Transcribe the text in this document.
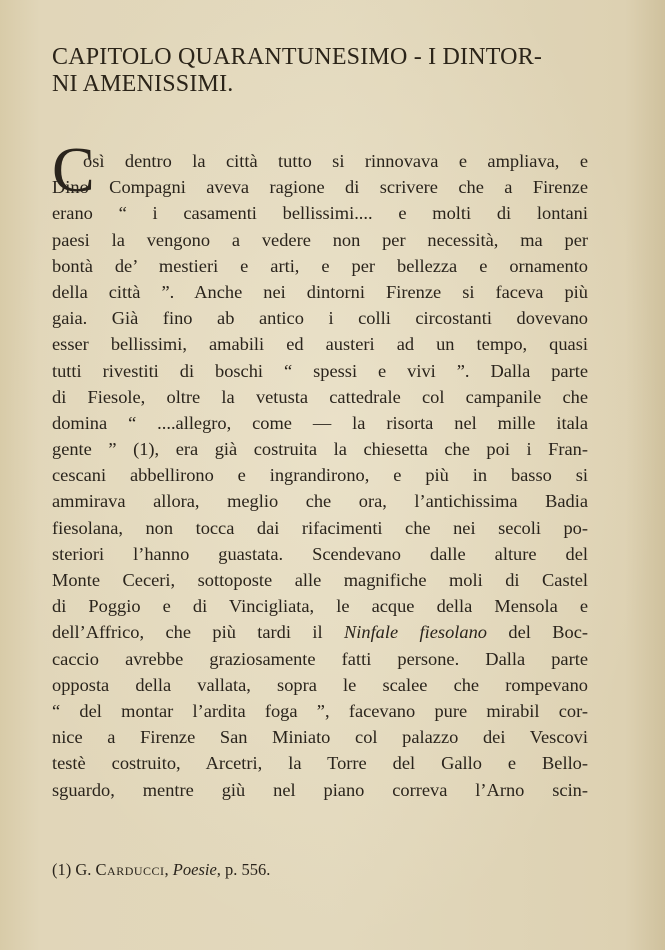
CAPITOLO QUARANTUNESIMO - I DINTOR-
NI AMENISSIMI.
C
osì dentro la città tutto si rinnovava e ampliava, e
Dino Compagni aveva ragione di scrivere che a Firenze
erano “ i casamenti bellissimi.... e molti di lontani
paesi la vengono a vedere non per necessità, ma per
bontà de’ mestieri e arti, e per bellezza e ornamento
della città ”. Anche nei dintorni Firenze si faceva più
gaia. Già fino ab antico i colli circostanti dovevano
esser bellissimi, amabili ed austeri ad un tempo, quasi
tutti rivestiti di boschi “ spessi e vivi ”. Dalla parte
di Fiesole, oltre la vetusta cattedrale col campanile che
domina “ ....allegro, come — la risorta nel mille itala
gente ” (1), era già costruita la chiesetta che poi i Fran-
cescani abbellirono e ingrandirono, e più in basso si
ammirava allora, meglio che ora, l’antichissima Badia
fiesolana, non tocca dai rifacimenti che nei secoli po-
steriori l’hanno guastata. Scendevano dalle alture del
Monte Ceceri, sottoposte alle magnifiche moli di Castel
di Poggio e di Vincigliata, le acque della Mensola e
dell’Affrico, che più tardi il Ninfale fiesolano del Boc-
caccio avrebbe graziosamente fatti persone. Dalla parte
opposta della vallata, sopra le scalee che rompevano
“ del montar l’ardita foga ”, facevano pure mirabil cor-
nice a Firenze San Miniato col palazzo dei Vescovi
testè costruito, Arcetri, la Torre del Gallo e Bello-
sguardo, mentre giù nel piano correva l’Arno scin-
(1) G. Carducci, Poesie, p. 556.
